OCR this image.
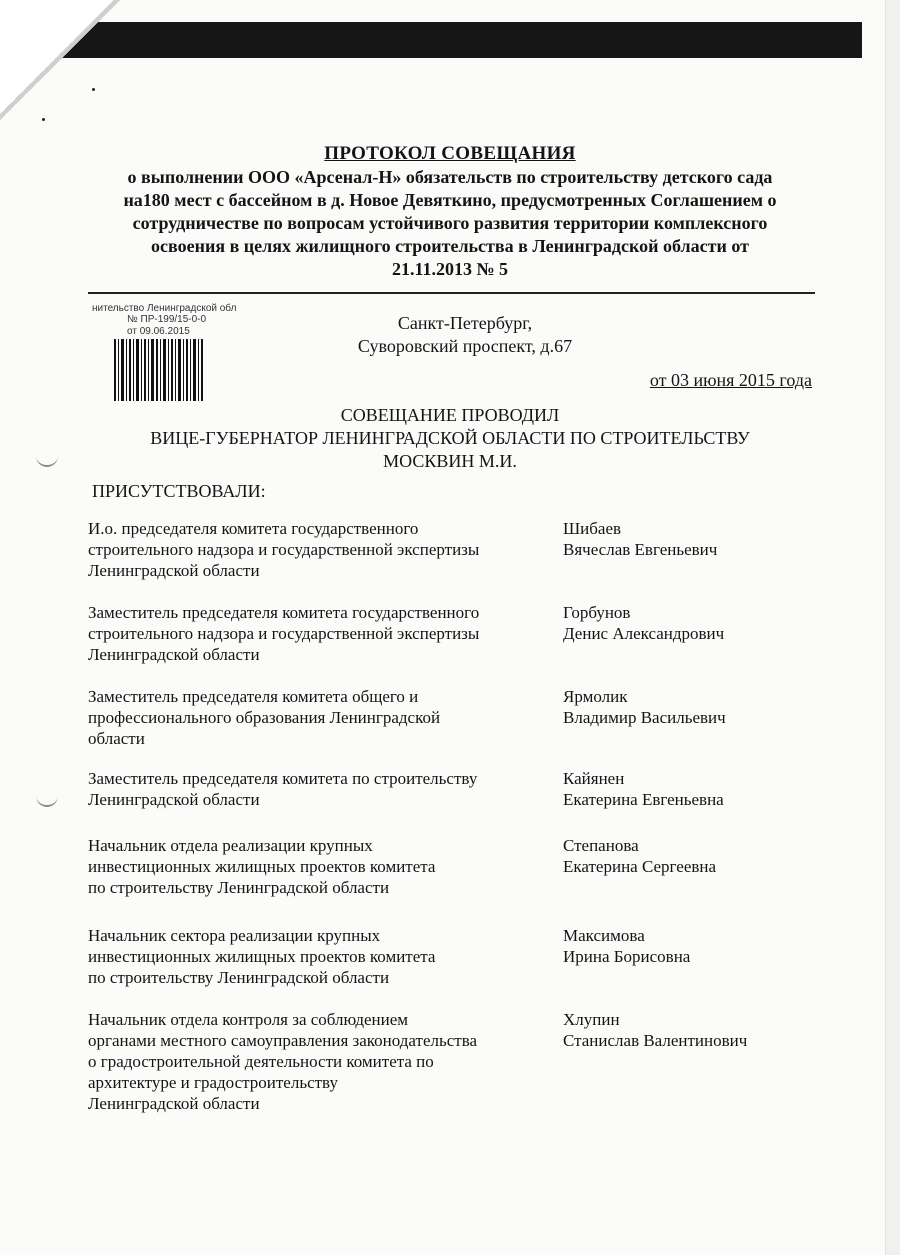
ПРОТОКОЛ СОВЕЩАНИЯ
о выполнении ООО «Арсенал-Н» обязательств по строительству детского сада
на180 мест с бассейном в д. Новое Девяткино, предусмотренных Соглашением о
сотрудничестве по вопросам устойчивого развития территории комплексного
освоения в целях жилищного строительства в Ленинградской области от
21.11.2013 № 5
нительство Ленинградской обл
№ ПР-199/15-0-0
от 09.06.2015	Санкт-Петербург,
Суворовский проспект, д.67
от 03 июня 2015 года
СОВЕЩАНИЕ ПРОВОДИЛ
ВИЦЕ-ГУБЕРНАТОР ЛЕНИНГРАДСКОЙ ОБЛАСТИ ПО СТРОИТЕЛЬСТВУ
МОСКВИН М.И.
ПРИСУТСТВОВАЛИ:
И.о. председателя комитета государственного
строительного надзора и государственной экспертизы
Ленинградской области
Шибаев
Вячеслав Евгеньевич
Заместитель председателя комитета государственного
строительного надзора и государственной экспертизы
Ленинградской области
Горбунов
Денис Александрович
Заместитель председателя комитета общего и
профессионального образования Ленинградской
области
Ярмолик
Владимир Васильевич
Заместитель председателя комитета по строительству
Ленинградской области
Кайянен
Екатерина Евгеньевна
Начальник отдела реализации крупных
инвестиционных жилищных проектов комитета
по строительству Ленинградской области
Степанова
Екатерина Сергеевна
Начальник сектора реализации крупных
инвестиционных жилищных проектов комитета
по строительству Ленинградской области
Максимова
Ирина Борисовна
Начальник отдела контроля за соблюдением
органами местного самоуправления законодательства
о градостроительной деятельности комитета по
архитектуре и градостроительству
Ленинградской области
Хлупин
Станислав Валентинович
